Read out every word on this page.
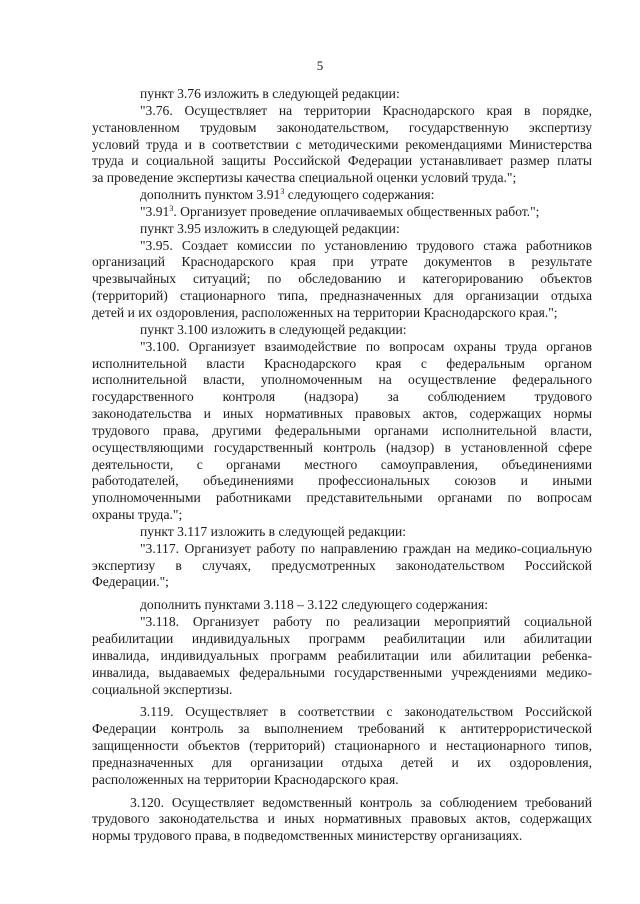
5
пункт 3.76 изложить в следующей редакции:
"3.76. Осуществляет на территории Краснодарского края в порядке,
установленном трудовым законодательством, государственную экспертизу
условий труда и в соответствии с методическими рекомендациями Министерства
труда и социальной защиты Российской Федерации устанавливает размер платы
за проведение экспертизы качества специальной оценки условий труда.";
дополнить пунктом 3.91$^3$ следующего содержания:
"3.91$^3$. Организует проведение оплачиваемых общественных работ.";
пункт 3.95 изложить в следующей редакции:
"3.95. Создает комиссии по установлению трудового стажа работников
организаций Краснодарского края при утрате документов в результате
чрезвычайных ситуаций; по обследованию и категорированию объектов
(территорий) стационарного типа, предназначенных для организации отдыха
детей и их оздоровления, расположенных на территории Краснодарского края.";
пункт 3.100 изложить в следующей редакции:
"3.100. Организует взаимодействие по вопросам охраны труда органов
исполнительной власти Краснодарского края с федеральным органом
исполнительной власти, уполномоченным на осуществление федерального
государственного контроля (надзора) за соблюдением трудового
законодательства и иных нормативных правовых актов, содержащих нормы
трудового права, другими федеральными органами исполнительной власти,
осуществляющими государственный контроль (надзор) в установленной сфере
деятельности, с органами местного самоуправления, объединениями
работодателей, объединениями профессиональных союзов и иными
уполномоченными работниками представительными органами по вопросам
охраны труда.";
пункт 3.117 изложить в следующей редакции:
"3.117. Организует работу по направлению граждан на медико-социальную
экспертизу в случаях, предусмотренных законодательством Российской
Федерации.";
дополнить пунктами 3.118 – 3.122 следующего содержания:
"3.118. Организует работу по реализации мероприятий социальной
реабилитации индивидуальных программ реабилитации или абилитации
инвалида, индивидуальных программ реабилитации или абилитации ребенка-
инвалида, выдаваемых федеральными государственными учреждениями медико-
социальной экспертизы.
3.119. Осуществляет в соответствии с законодательством Российской
Федерации контроль за выполнением требований к антитеррористической
защищенности объектов (территорий) стационарного и нестационарного типов,
предназначенных для организации отдыха детей и их оздоровления,
расположенных на территории Краснодарского края.
3.120. Осуществляет ведомственный контроль за соблюдением требований
трудового законодательства и иных нормативных правовых актов, содержащих
нормы трудового права, в подведомственных министерству организациях.
